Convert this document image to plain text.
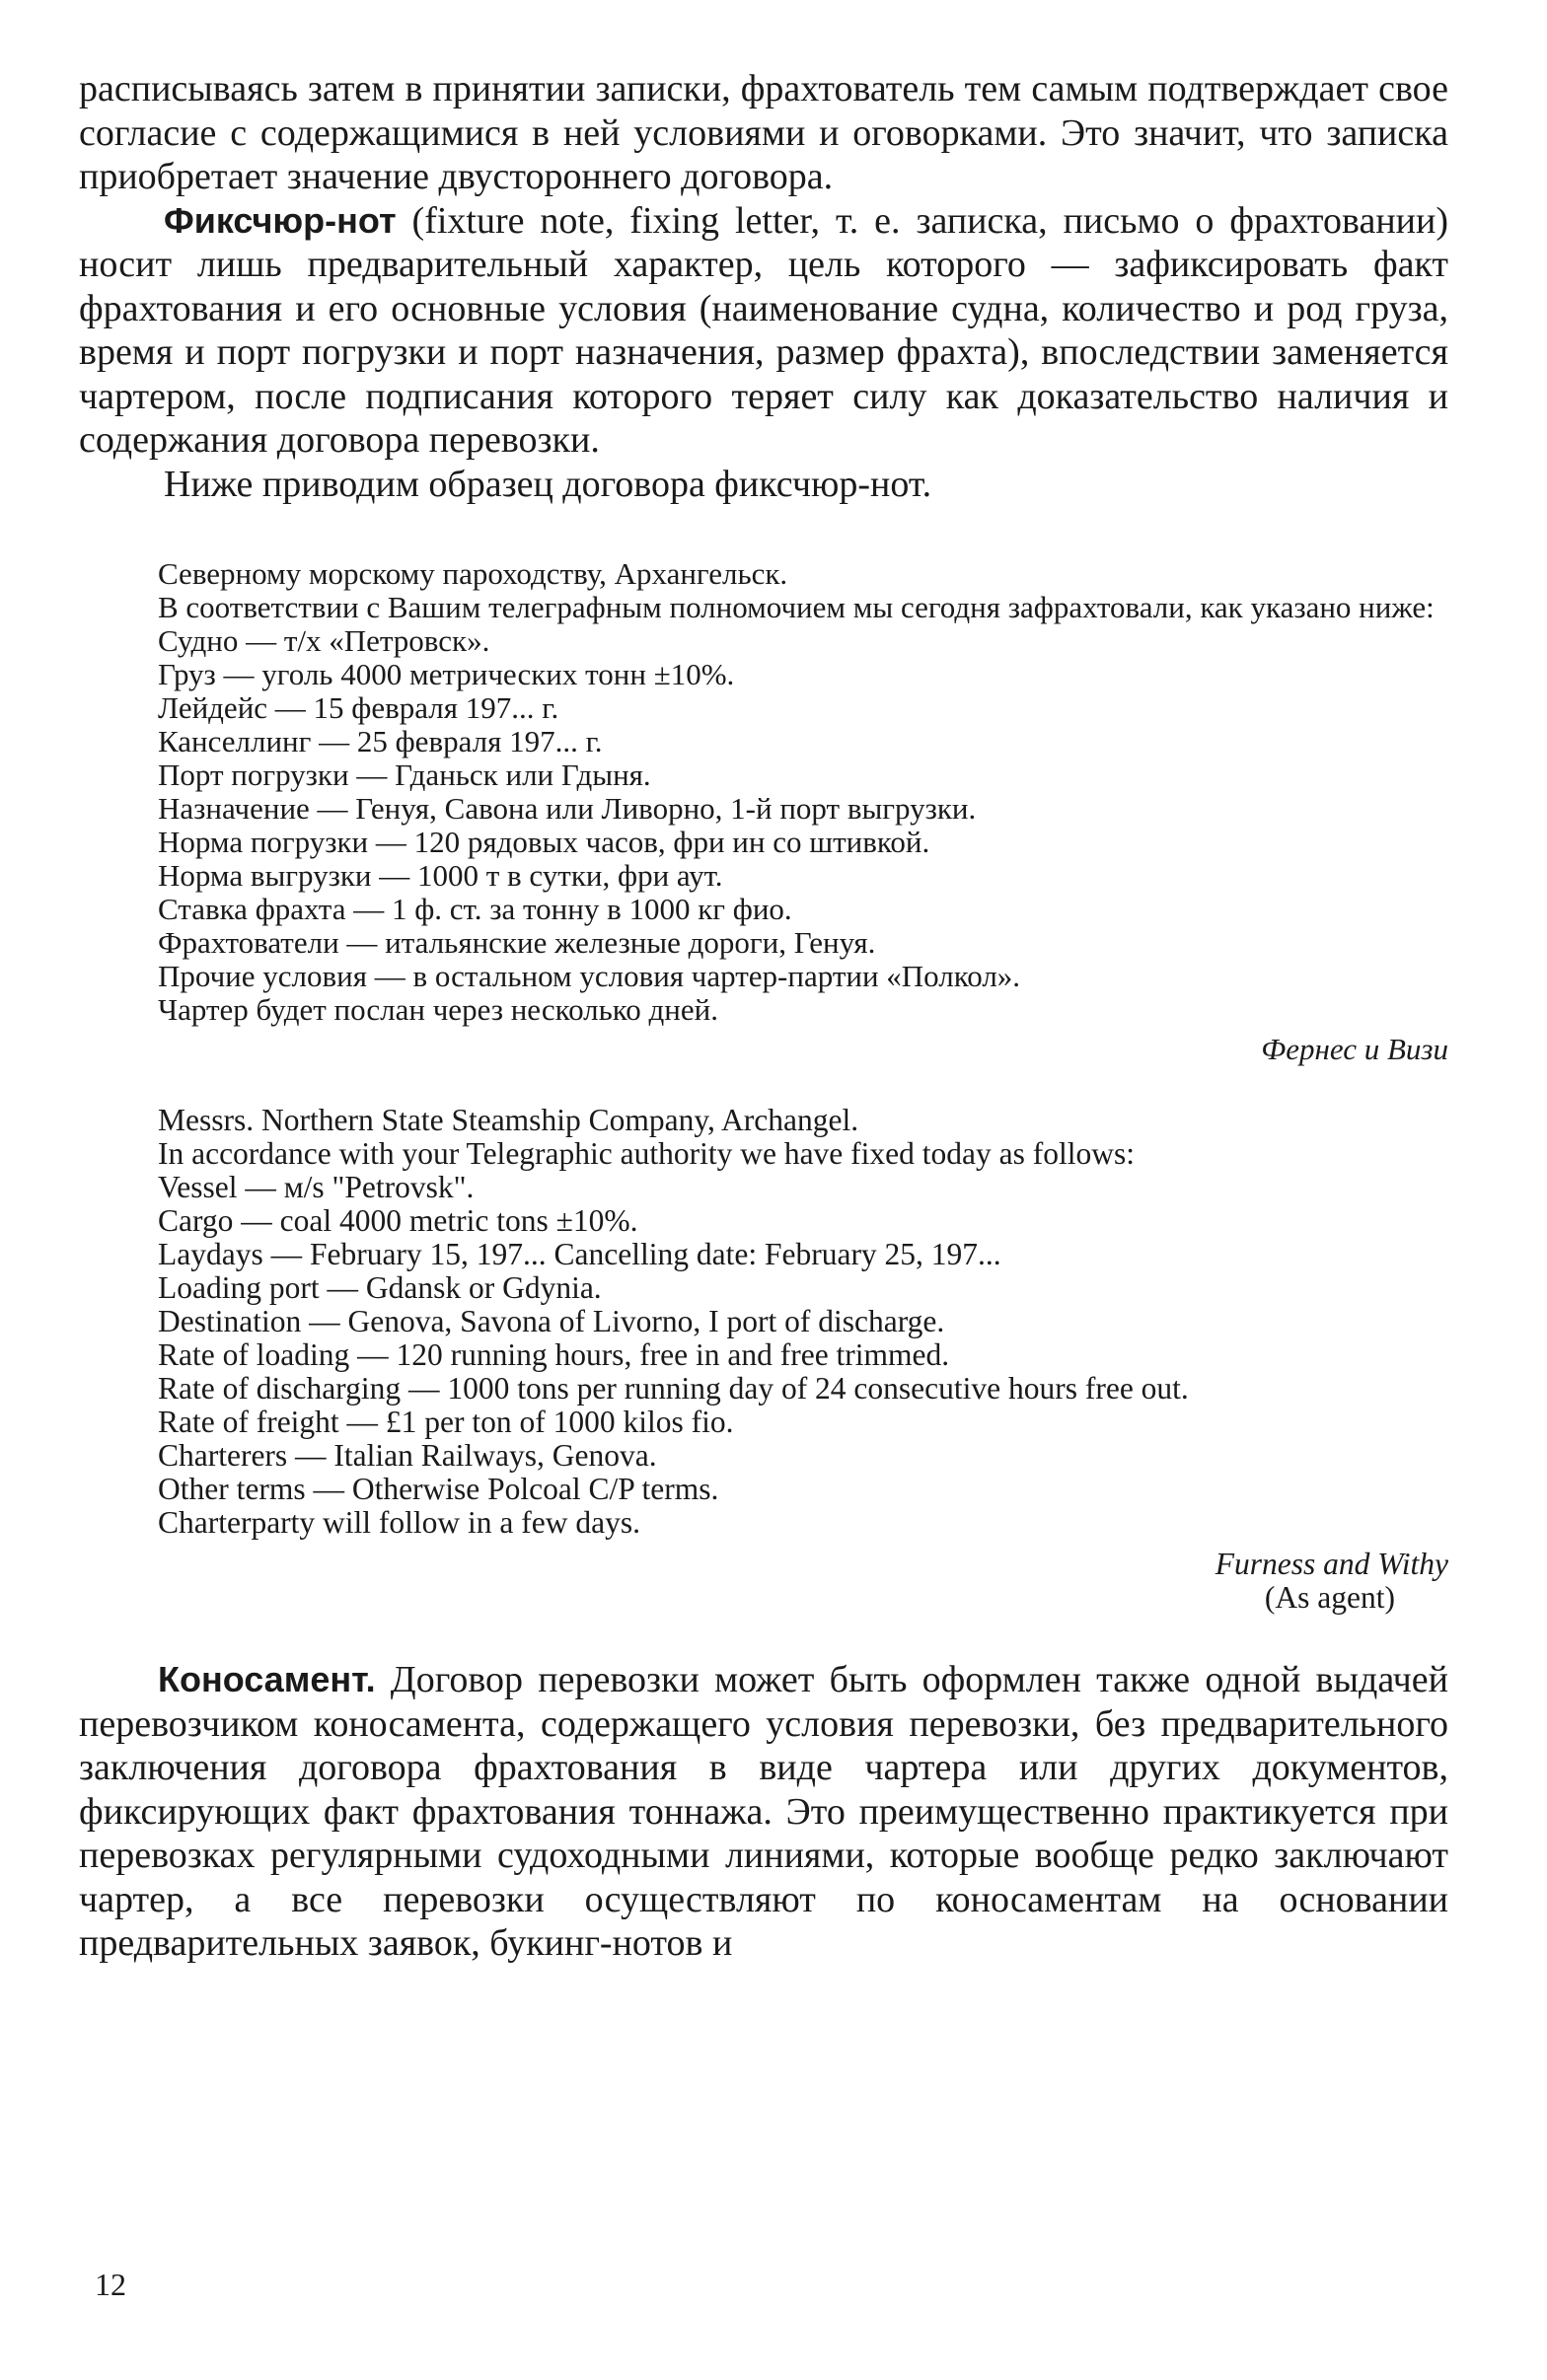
расписываясь затем в принятии записки, фрахтователь тем самым подтверждает свое согласие с содержащимися в ней условиями и оговорками. Это значит, что записка приобретает значение двустороннего договора.

Фиксчюр-нот (fixture note, fixing letter, т. е. записка, письмо о фрахтовании) носит лишь предварительный характер, цель которого — зафиксировать факт фрахтования и его основные условия (наименование судна, количество и род груза, время и порт погрузки и порт назначения, размер фрахта), впоследствии заменяется чартером, после подписания которого теряет силу как доказательство наличия и содержания договора перевозки.

Ниже приводим образец договора фиксчюр-нот.

Северному морскому пароходству, Архангельск.

В соответствии с Вашим телеграфным полномочием мы сегодня зафрахтовали, как указано ниже:

Судно — т/х «Петровск».

Груз — уголь 4000 метрических тонн ±10%.

Лейдейс — 15 февраля 197... г.

Канселлинг — 25 февраля 197... г.

Порт погрузки — Гданьск или Гдыня.

Назначение — Генуя, Савона или Ливорно, 1-й порт выгрузки.

Норма погрузки — 120 рядовых часов, фри ин со штивкой.

Норма выгрузки — 1000 т в сутки, фри аут.

Ставка фрахта — 1 ф. ст. за тонну в 1000 кг фио.

Фрахтователи — итальянские железные дороги, Генуя.

Прочие условия — в остальном условия чартер-партии «Полкол».

Чартер будет послан через несколько дней.

Фернес и Визи

Messrs. Northern State Steamship Company, Archangel.

In accordance with your Telegraphic authority we have fixed today as follows:

Vessel — м/s "Petrovsk".

Cargo — coal 4000 metric tons ±10%.

Laydays — February 15, 197... Cancelling date: February 25, 197...

Loading port — Gdansk or Gdynia.

Destination — Genova, Savona of Livorno, I port of discharge.

Rate of loading — 120 running hours, free in and free trimmed.

Rate of discharging — 1000 tons per running day of 24 consecutive hours free out.

Rate of freight — £1 per ton of 1000 kilos fio.

Charterers — Italian Railways, Genova.

Other terms — Otherwise Polcoal C/P terms.

Charterparty will follow in a few days.

Furness and Withy

(As agent)

Коносамент. Договор перевозки может быть оформлен также одной выдачей перевозчиком коносамента, содержащего условия перевозки, без предварительного заключения договора фрахтования в виде чартера или других документов, фиксирующих факт фрахтования тоннажа. Это преимущественно практикуется при перевозках регулярными судоходными линиями, которые вообще редко заключают чартер, а все перевозки осуществляют по коносаментам на основании предварительных заявок, букинг-нотов и

12
